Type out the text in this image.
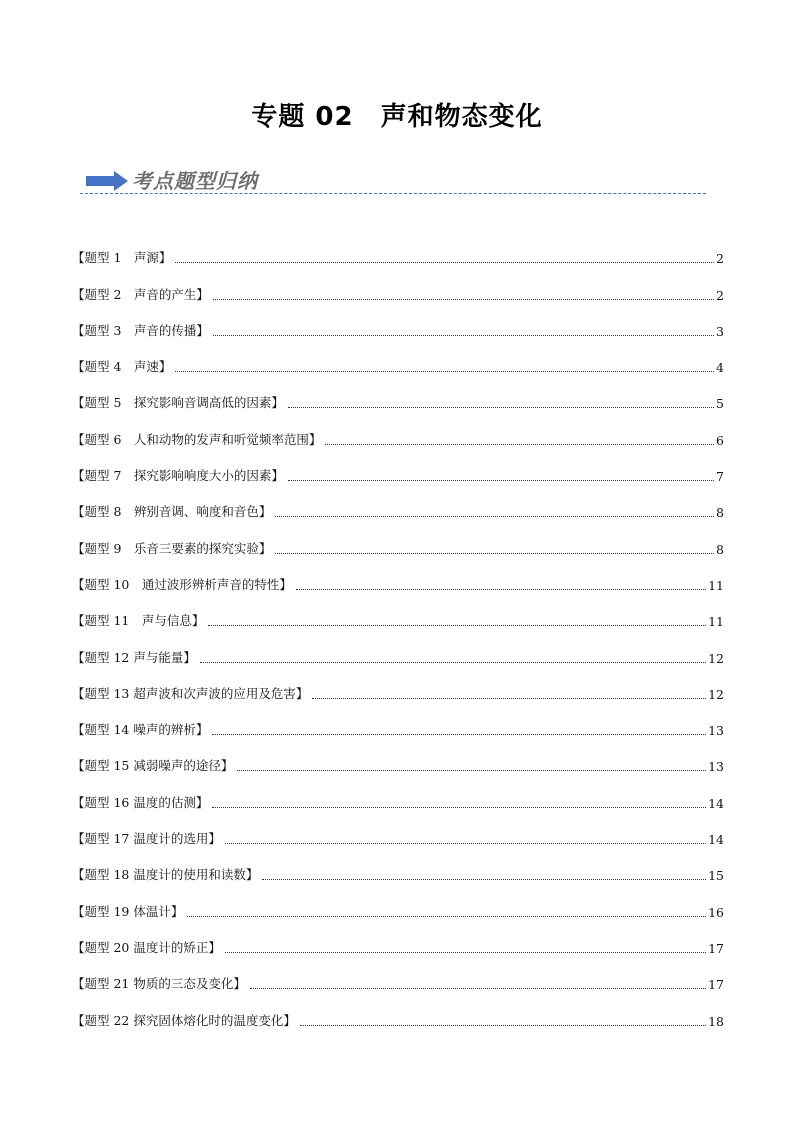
专题 02　声和物态变化
考点题型归纳
【题型 1　声源】	2
【题型 2　声音的产生】	2
【题型 3　声音的传播】	3
【题型 4　声速】	4
【题型 5　探究影响音调高低的因素】	5
【题型 6　人和动物的发声和听觉频率范围】	6
【题型 7　探究影响响度大小的因素】	7
【题型 8　辨别音调、响度和音色】	8
【题型 9　乐音三要素的探究实验】	8
【题型 10　通过波形辨析声音的特性】	11
【题型 11　声与信息】	11
【题型 12 声与能量】	12
【题型 13 超声波和次声波的应用及危害】	12
【题型 14 噪声的辨析】	13
【题型 15 减弱噪声的途径】	13
【题型 16 温度的估测】	14
【题型 17 温度计的选用】	14
【题型 18 温度计的使用和读数】	15
【题型 19 体温计】	16
【题型 20 温度计的矫正】	17
【题型 21 物质的三态及变化】	17
【题型 22 探究固体熔化时的温度变化】	18
